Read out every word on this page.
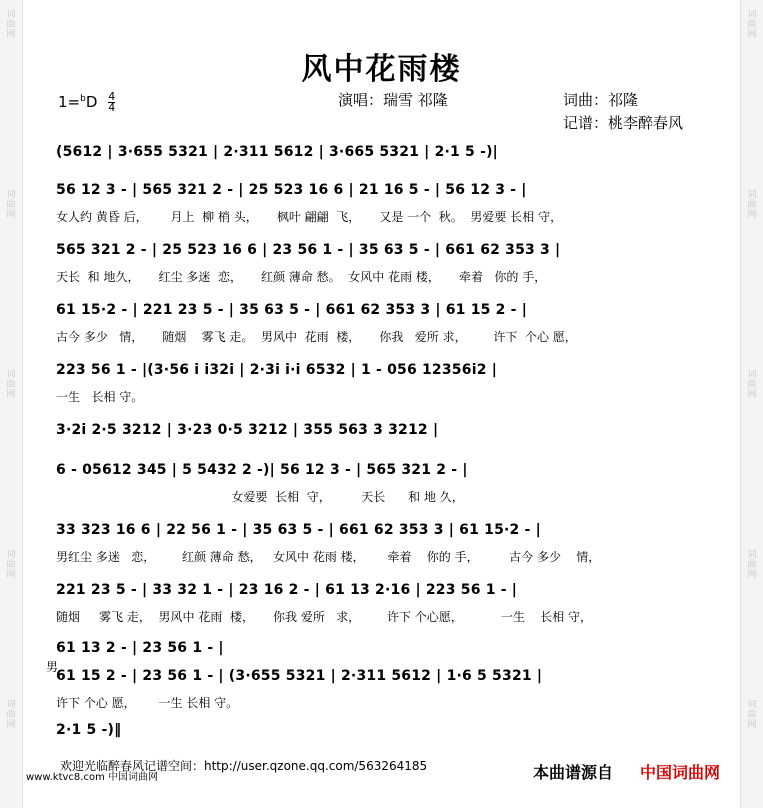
词曲网
词曲网
词曲网
词曲网
词曲网
词曲网
词曲网
词曲网
词曲网
词曲网
风中花雨楼
演唱：瑞雪 祁隆	词曲：祁隆
记谱：桃李醉春风
$1=^bD \frac{4}{4}$
(5612 | 3·655 5321 | 2·311 5612 | 3·665 5321 | 2·1 5 -)|
56 12 3 - | 565 321 2 - | 25 523 16 6 | 21 16 5 - | 56 12 3 - |
女人约 黄昏 后，      月上  柳 梢 头，     枫叶 翩翩  飞，     又是 一个  秋。  男爱要 长相 守，
565 321 2 - | 25 523 16 6 | 23 56 1 - | 35 63 5 - | 661 62 353 3 |
天长  和 地久，     红尘 多迷  恋，     红颜 薄命 愁。  女风中 花雨 楼，     牵着   你的 手，
61 15·2 - | 221 23 5 - | 35 63 5 - | 661 62 353 3 | 61 15 2 - |
古今 多少   情，     随烟    雾飞 走。  男风中  花雨  楼，     你我   爱所 求，       许下  个心 愿，
223 56 1 - |(3·56 i i32i | 2·3i i·i 6532 | 1 - 056 12356i2 |
一生   长相 守。
3·2i 2·5 3212 | 3·23 0·5 3212 | 355 563 3 3212 |
6 - 05612 345 | 5 5432 2 -)| 56 12 3 - | 565 321 2 - |
女爱要  长相  守，        天长      和 地 久，
33 323 16 6 | 22 56 1 - | 35 63 5 - | 661 62 353 3 | 61 15·2 - |
男红尘 多迷   恋，       红颜 薄命 愁，   女风中 花雨 楼，      牵着    你的 手，        古今 多少    情，
221 23 5 - | 33 32 1 - | 23 16 2 - | 61 13 2·16 | 223 56 1 - |
随烟     雾飞 走，  男风中 花雨  楼，     你我 爱所   求，       许下 个心愿，          一生    长相 守，
61 13 2 - | 23 56 1 - |
男
61 15 2 - | 23 56 1 - | (3·655 5321 | 2·311 5612 | 1·6 5 5321 |
许下 个心 愿，      一生 长相 守。
2·1 5 -)‖
欢迎光临醉春风记谱空间：http://user.qzone.qq.com/563264185
www.ktvc8.com 中国词曲网	本曲谱源自 中国词曲网
